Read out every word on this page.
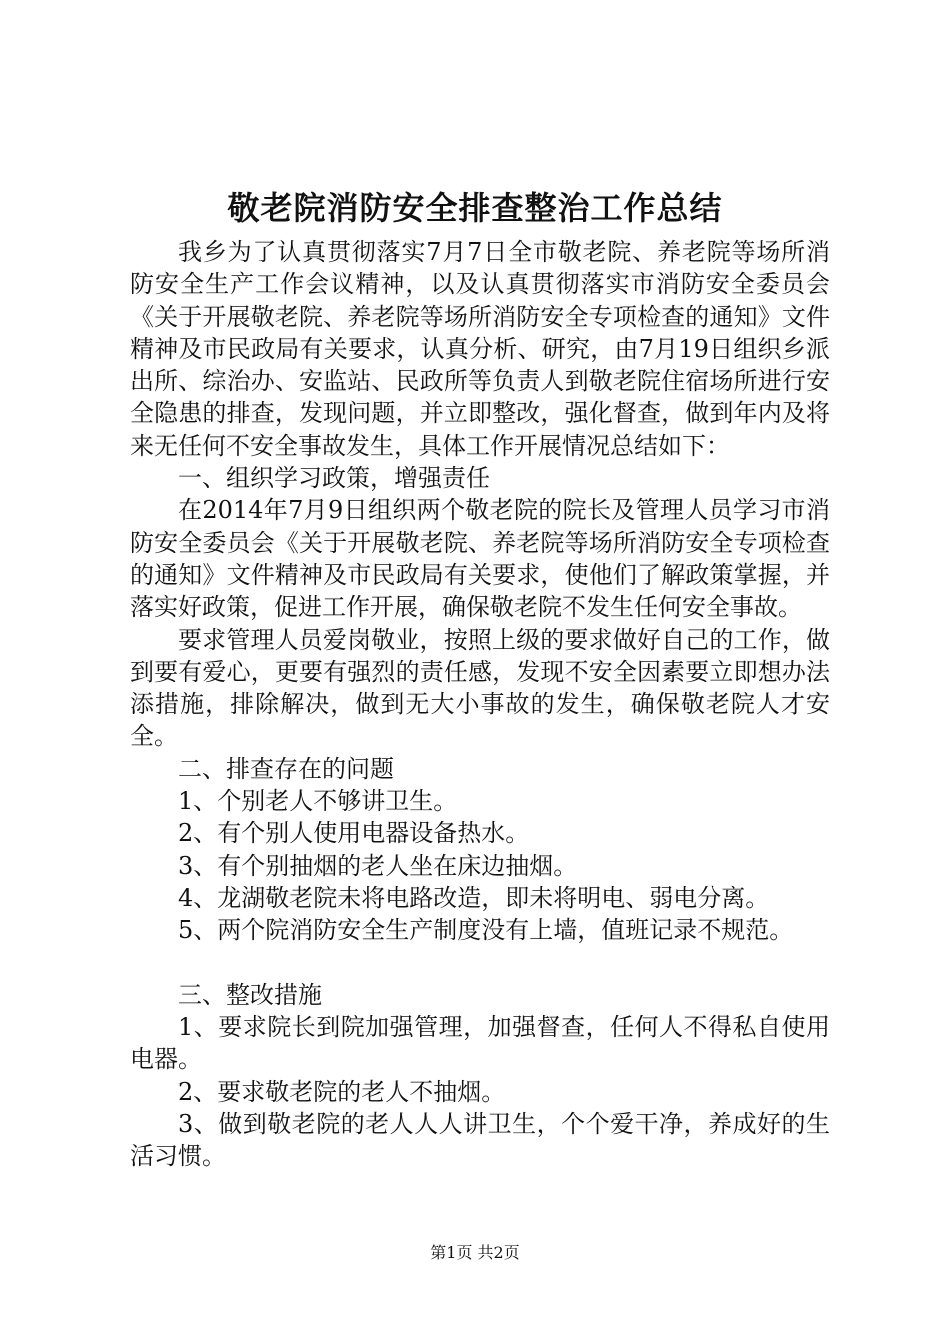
敬老院消防安全排查整治工作总结

我乡为了认真贯彻落实7月7日全市敬老院、养老院等场所消防安全生产工作会议精神，以及认真贯彻落实市消防安全委员会《关于开展敬老院、养老院等场所消防安全专项检查的通知》文件精神及市民政局有关要求，认真分析、研究，由7月19日组织乡派出所、综治办、安监站、民政所等负责人到敬老院住宿场所进行安全隐患的排查，发现问题，并立即整改，强化督查，做到年内及将来无任何不安全事故发生，具体工作开展情况总结如下：

一、组织学习政策，增强责任

在2014年7月9日组织两个敬老院的院长及管理人员学习市消防安全委员会《关于开展敬老院、养老院等场所消防安全专项检查的通知》文件精神及市民政局有关要求，使他们了解政策掌握，并落实好政策，促进工作开展，确保敬老院不发生任何安全事故。

要求管理人员爱岗敬业，按照上级的要求做好自己的工作，做到要有爱心，更要有强烈的责任感，发现不安全因素要立即想办法添措施，排除解决，做到无大小事故的发生，确保敬老院人才安全。

二、排查存在的问题

1、个别老人不够讲卫生。

2、有个别人使用电器设备热水。

3、有个别抽烟的老人坐在床边抽烟。

4、龙湖敬老院未将电路改造，即未将明电、弱电分离。

5、两个院消防安全生产制度没有上墙，值班记录不规范。

三、整改措施

1、要求院长到院加强管理，加强督查，任何人不得私自使用电器。

2、要求敬老院的老人不抽烟。

3、做到敬老院的老人人人讲卫生，个个爱干净，养成好的生活习惯。

第1页 共2页
